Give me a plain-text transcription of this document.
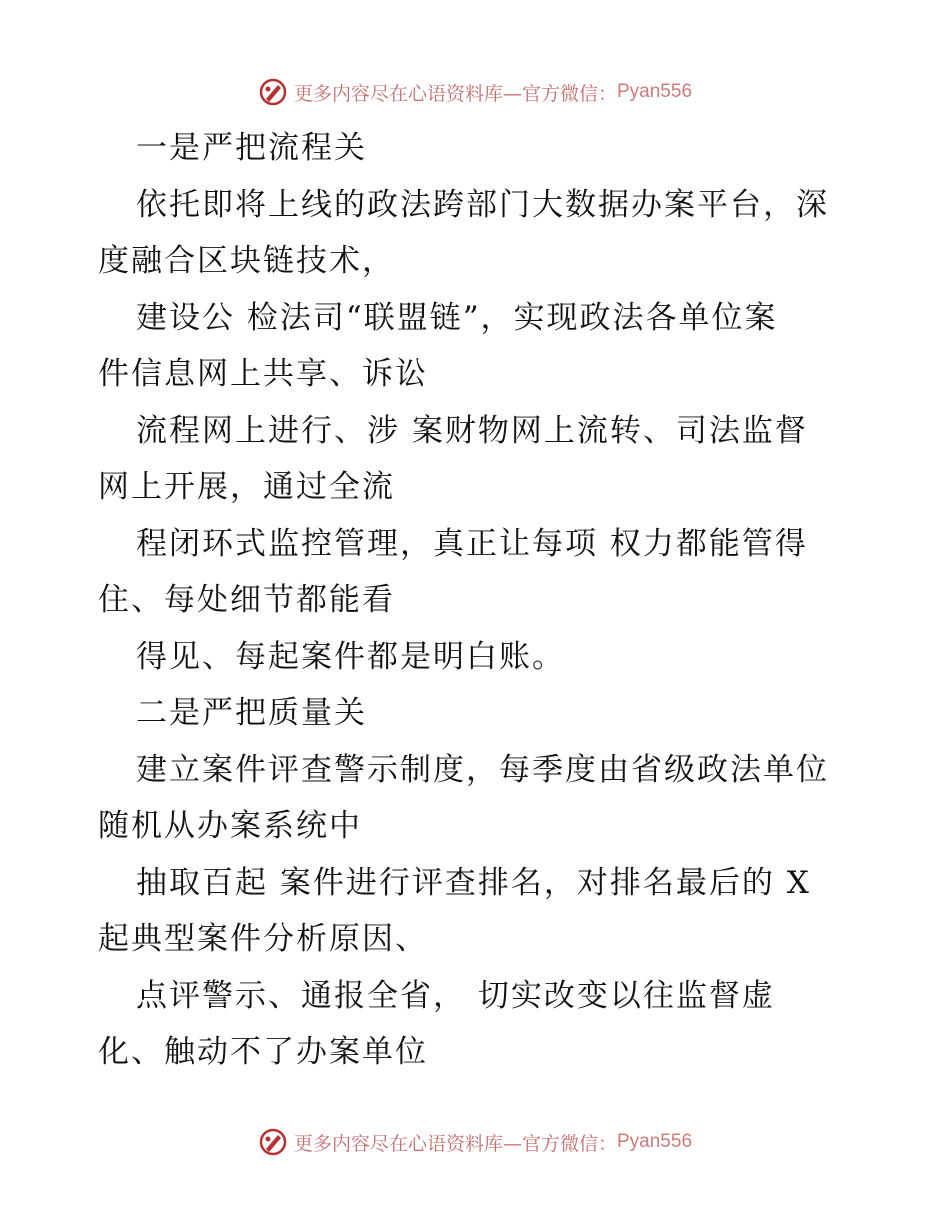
更多内容尽在心语资料库—官方微信： Pyan556
一是严把流程关
依托即将上线的政法跨部门大数据办案平台，深
度融合区块链技术，
建设公 检法司“联盟链”，实现政法各单位案
件信息网上共享、诉讼
流程网上进行、涉 案财物网上流转、司法监督
网上开展，通过全流
程闭环式监控管理，真正让每项 权力都能管得
住、每处细节都能看
得见、每起案件都是明白账。
二是严把质量关
建立案件评查警示制度，每季度由省级政法单位
随机从办案系统中
抽取百起 案件进行评查排名，对排名最后的 X
起典型案件分析原因、
点评警示、通报全省， 切实改变以往监督虚
化、触动不了办案单位
更多内容尽在心语资料库—官方微信： Pyan556
